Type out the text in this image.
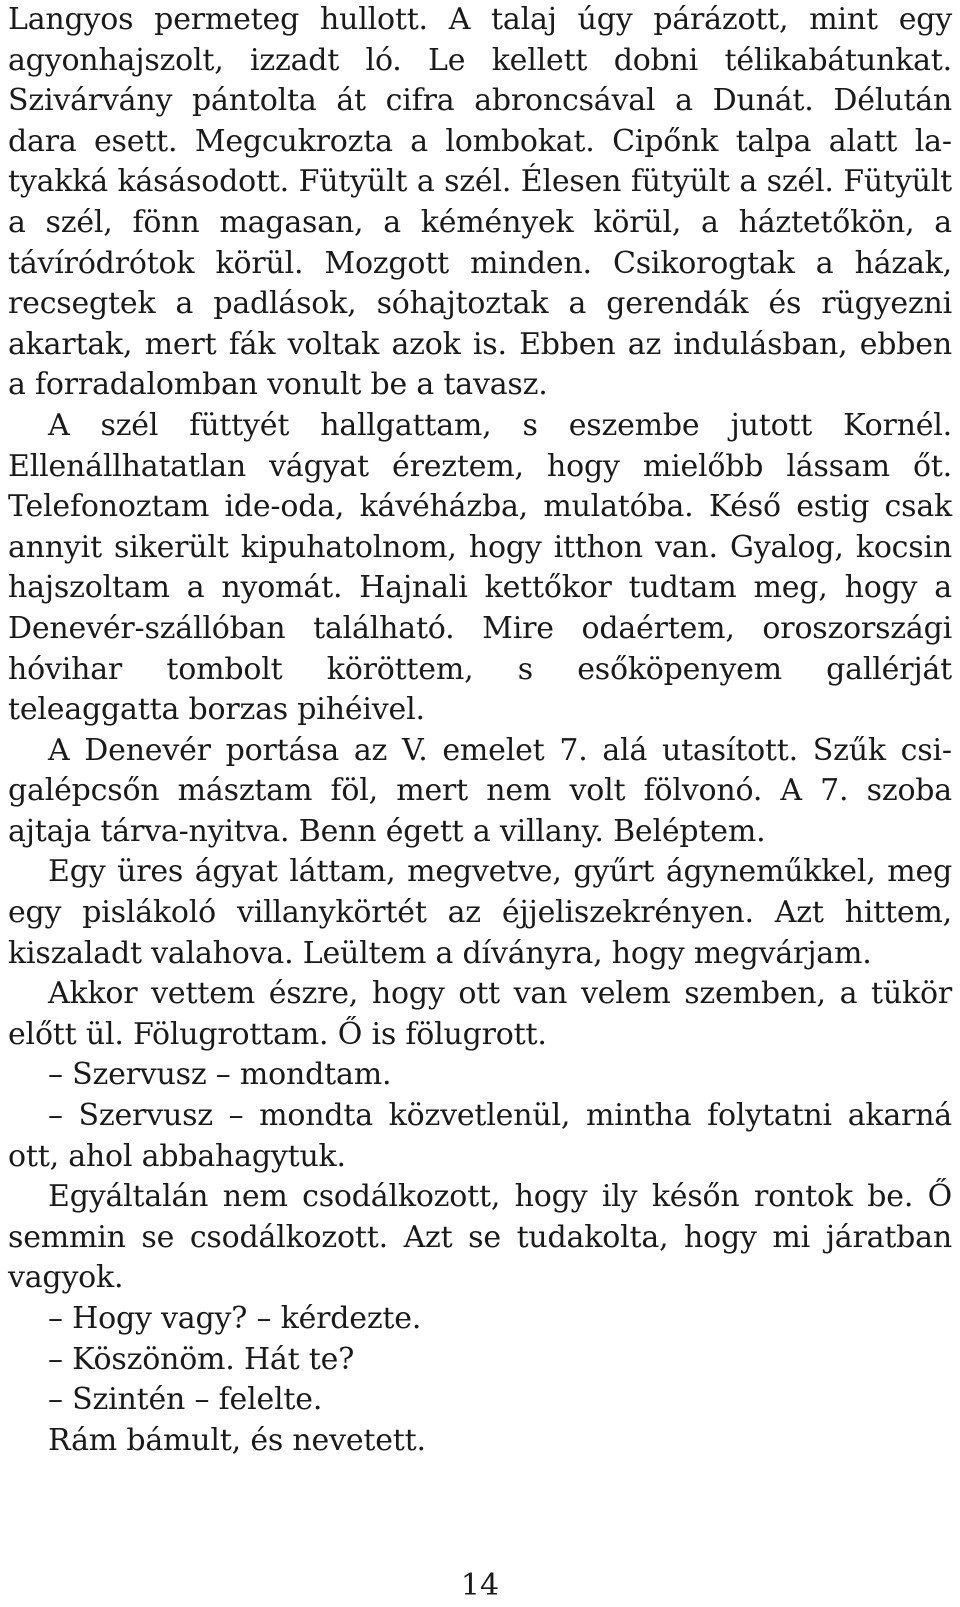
Langyos permeteg hullott. A talaj úgy párázott, mint egy agyonhajszolt, izzadt ló. Le kellett dobni télikabátunkat. Szivárvány pántolta át cifra abroncsával a Dunát. Délután dara esett. Megcukrozta a lombokat. Cipőnk talpa alatt latyakká kásásodott. Fütyült a szél. Élesen fütyült a szél. Fütyült a szél, fönn magasan, a kémények körül, a háztetőkön, a távíródrótok körül. Mozgott minden. Csikorogtak a házak, recsegtek a padlások, sóhajtoztak a gerendák és rügyezni akartak, mert fák voltak azok is. Ebben az indulásban, ebben a forradalomban vonult be a tavasz.

A szél füttyét hallgattam, s eszembe jutott Kornél. Ellenállhatatlan vágyat éreztem, hogy mielőbb lássam őt. Telefonoztam ide-oda, kávéházba, mulatóba. Késő estig csak annyit sikerült kipuhatolnom, hogy itthon van. Gyalog, kocsin hajszoltam a nyomát. Hajnali kettőkor tudtam meg, hogy a Denevér-szállóban található. Mire odaértem, oroszországi hóvihar tombolt köröttem, s esőköpenyem gallérját teleaggatta borzas pihéivel.

A Denevér portása az V. emelet 7. alá utasított. Szűk csigalépcsőn másztam föl, mert nem volt fölvonó. A 7. szoba ajtaja tárva-nyitva. Benn égett a villany. Beléptem.

Egy üres ágyat láttam, megvetve, gyűrt ágyneműkkel, meg egy pislákoló villanykörtét az éjjeliszekrényen. Azt hittem, kiszaladt valahova. Leültem a díványra, hogy megvárjam.

Akkor vettem észre, hogy ott van velem szemben, a tükör előtt ül. Fölugrottam. Ő is fölugrott.

– Szervusz – mondtam.

– Szervusz – mondta közvetlenül, mintha folytatni akarná ott, ahol abbahagytuk.

Egyáltalán nem csodálkozott, hogy ily későn rontok be. Ő semmin se csodálkozott. Azt se tudakolta, hogy mi járatban vagyok.

– Hogy vagy? – kérdezte.

– Köszönöm. Hát te?

– Szintén – felelte.

Rám bámult, és nevetett.

14
